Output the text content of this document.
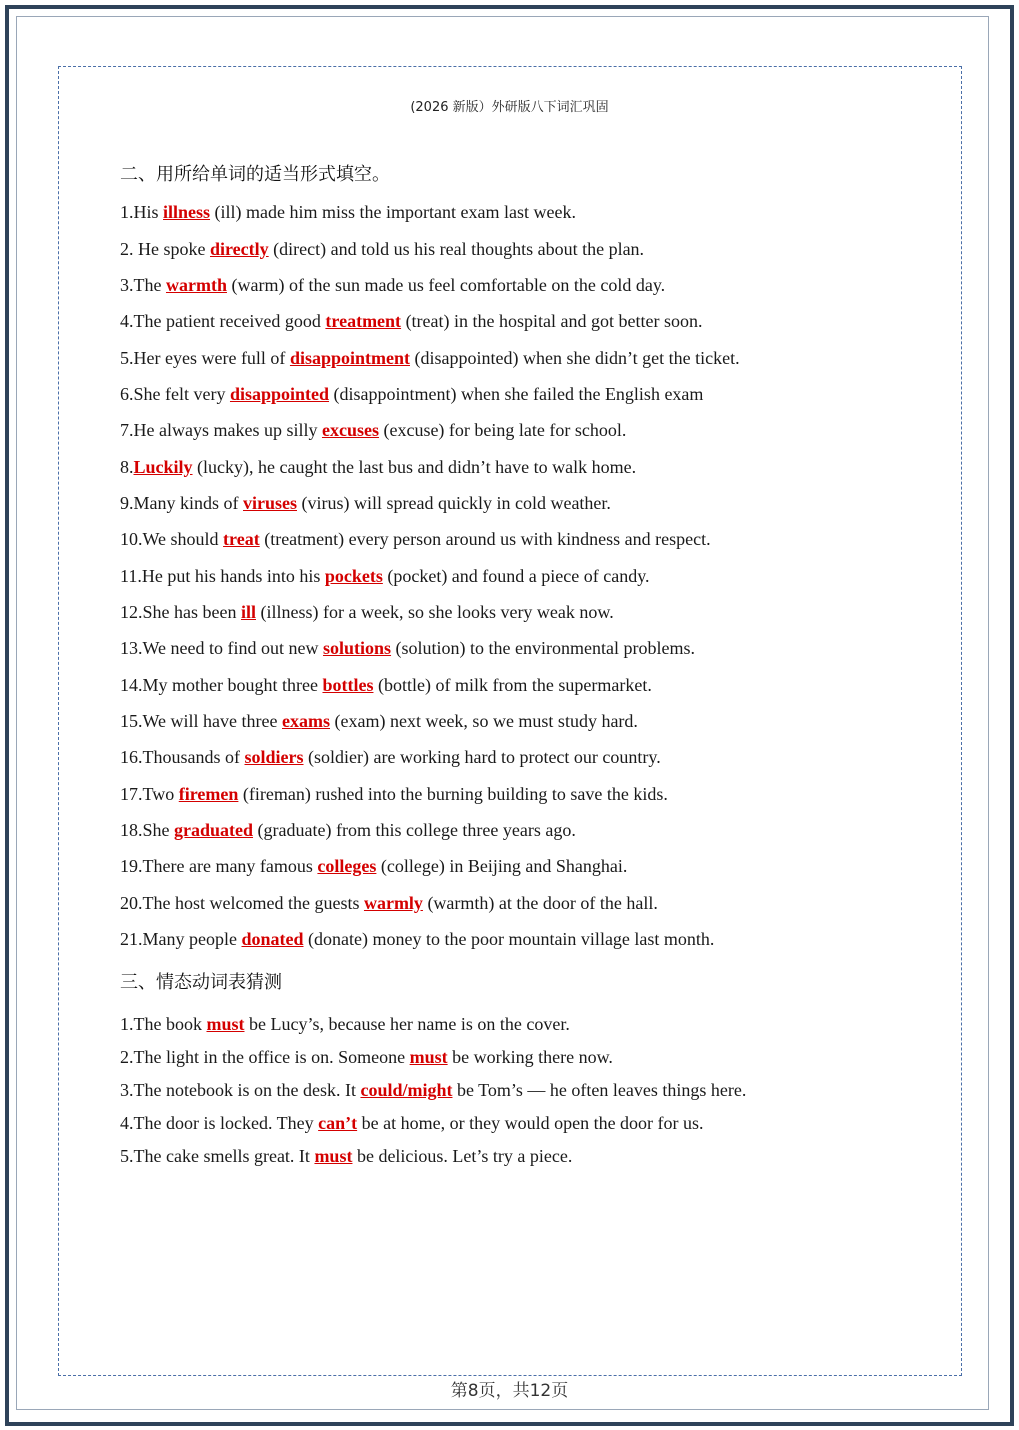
(2026 新版）外研版八下词汇巩固
二、用所给单词的适当形式填空。
1.His illness (ill) made him miss the important exam last week.
2. He spoke directly (direct) and told us his real thoughts about the plan.
3.The warmth (warm) of the sun made us feel comfortable on the cold day.
4.The patient received good treatment (treat) in the hospital and got better soon.
5.Her eyes were full of disappointment (disappointed) when she didn’t get the ticket.
6.She felt very disappointed (disappointment) when she failed the English exam
7.He always makes up silly excuses (excuse) for being late for school.
8.Luckily (lucky), he caught the last bus and didn’t have to walk home.
9.Many kinds of viruses (virus) will spread quickly in cold weather.
10.We should treat (treatment) every person around us with kindness and respect.
11.He put his hands into his pockets (pocket) and found a piece of candy.
12.She has been ill (illness) for a week, so she looks very weak now.
13.We need to find out new solutions (solution) to the environmental problems.
14.My mother bought three bottles (bottle) of milk from the supermarket.
15.We will have three exams (exam) next week, so we must study hard.
16.Thousands of soldiers (soldier) are working hard to protect our country.
17.Two firemen (fireman) rushed into the burning building to save the kids.
18.She graduated (graduate) from this college three years ago.
19.There are many famous colleges (college) in Beijing and Shanghai.
20.The host welcomed the guests warmly (warmth) at the door of the hall.
21.Many people donated (donate) money to the poor mountain village last month.
三、情态动词表猜测
1.The book must be Lucy’s, because her name is on the cover.
2.The light in the office is on. Someone must be working there now.
3.The notebook is on the desk. It could/might be Tom’s — he often leaves things here.
4.The door is locked. They can’t be at home, or they would open the door for us.
5.The cake smells great. It must be delicious. Let’s try a piece.
第8页，共12页
